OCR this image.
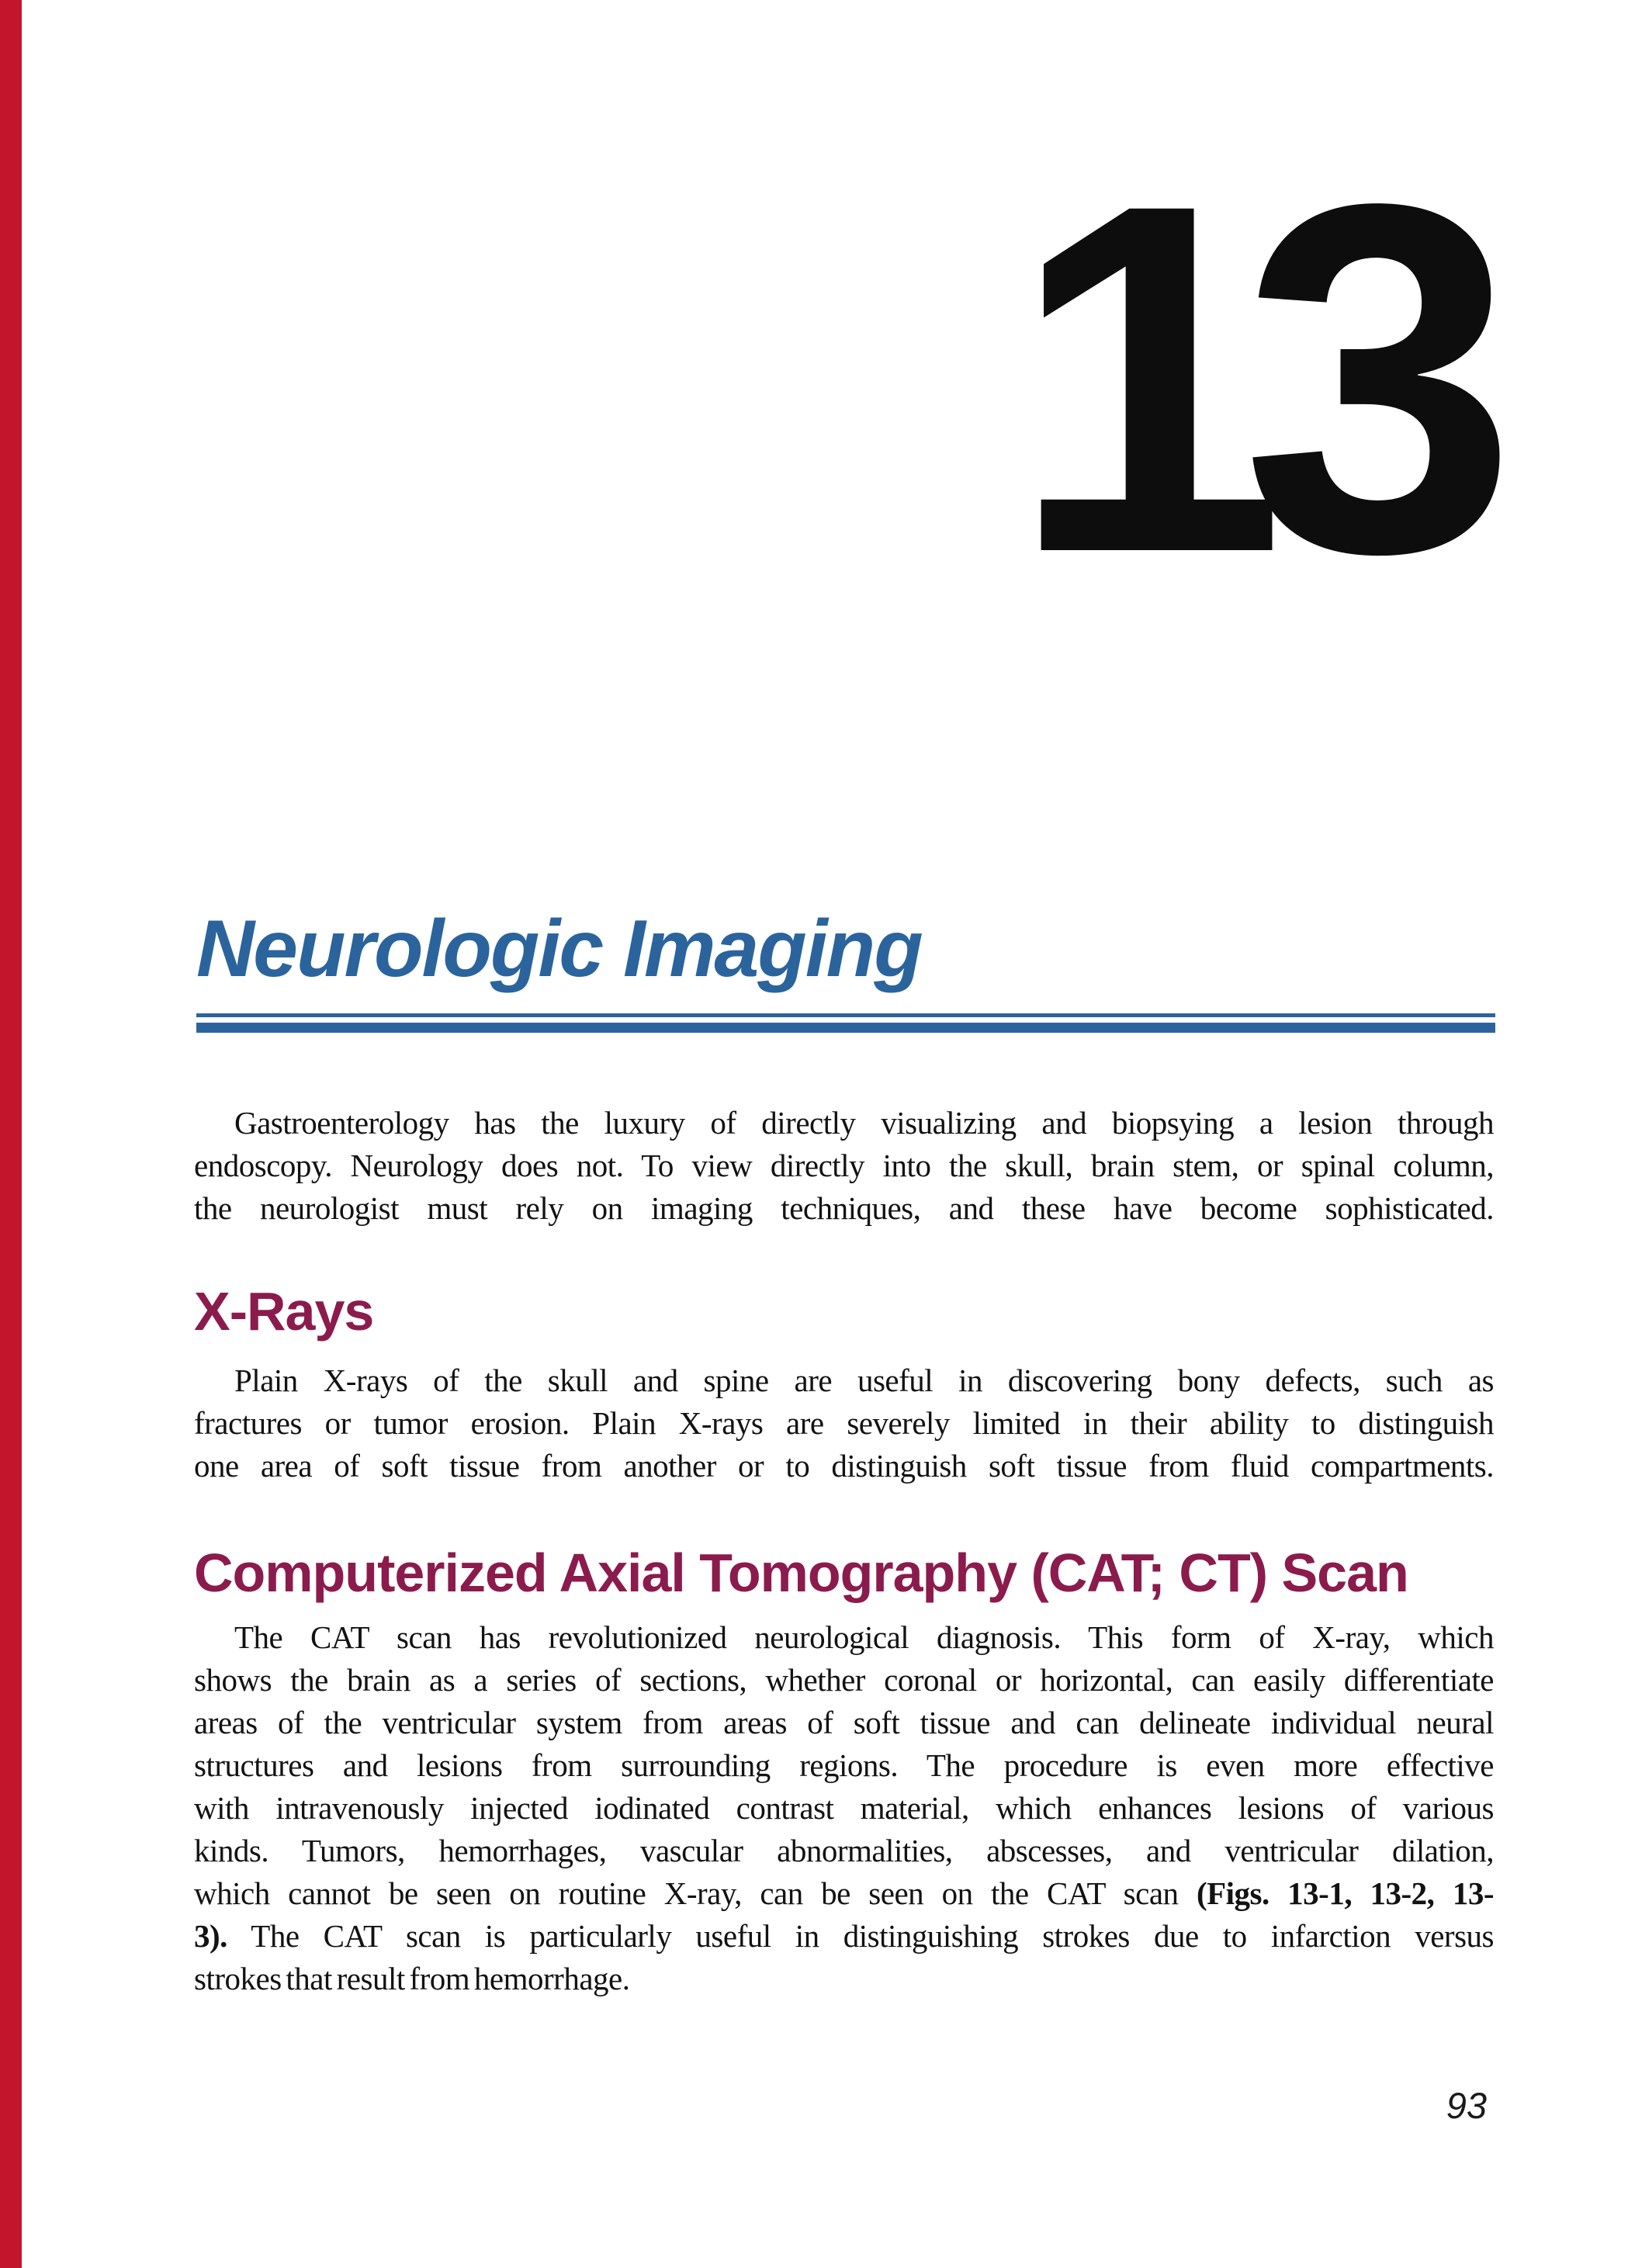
13
Neurologic Imaging
Gastroenterology has the luxury of directly visualizing and biopsying a lesion through
endoscopy. Neurology does not. To view directly into the skull, brain stem, or spinal column,
the neurologist must rely on imaging techniques, and these have become sophisticated.
X-Rays
Plain X-rays of the skull and spine are useful in discovering bony defects, such as
fractures or tumor erosion. Plain X-rays are severely limited in their ability to distinguish
one area of soft tissue from another or to distinguish soft tissue from fluid compartments.
Computerized Axial Tomography (CAT; CT) Scan
The CAT scan has revolutionized neurological diagnosis. This form of X-ray, which
shows the brain as a series of sections, whether coronal or horizontal, can easily differentiate
areas of the ventricular system from areas of soft tissue and can delineate individual neural
structures and lesions from surrounding regions. The procedure is even more effective
with intravenously injected iodinated contrast material, which enhances lesions of various
kinds. Tumors, hemorrhages, vascular abnormalities, abscesses, and ventricular dilation,
which cannot be seen on routine X-ray, can be seen on the CAT scan (Figs. 13-1, 13-2, 13-
3). The CAT scan is particularly useful in distinguishing strokes due to infarction versus
strokes that result from hemorrhage.
93
